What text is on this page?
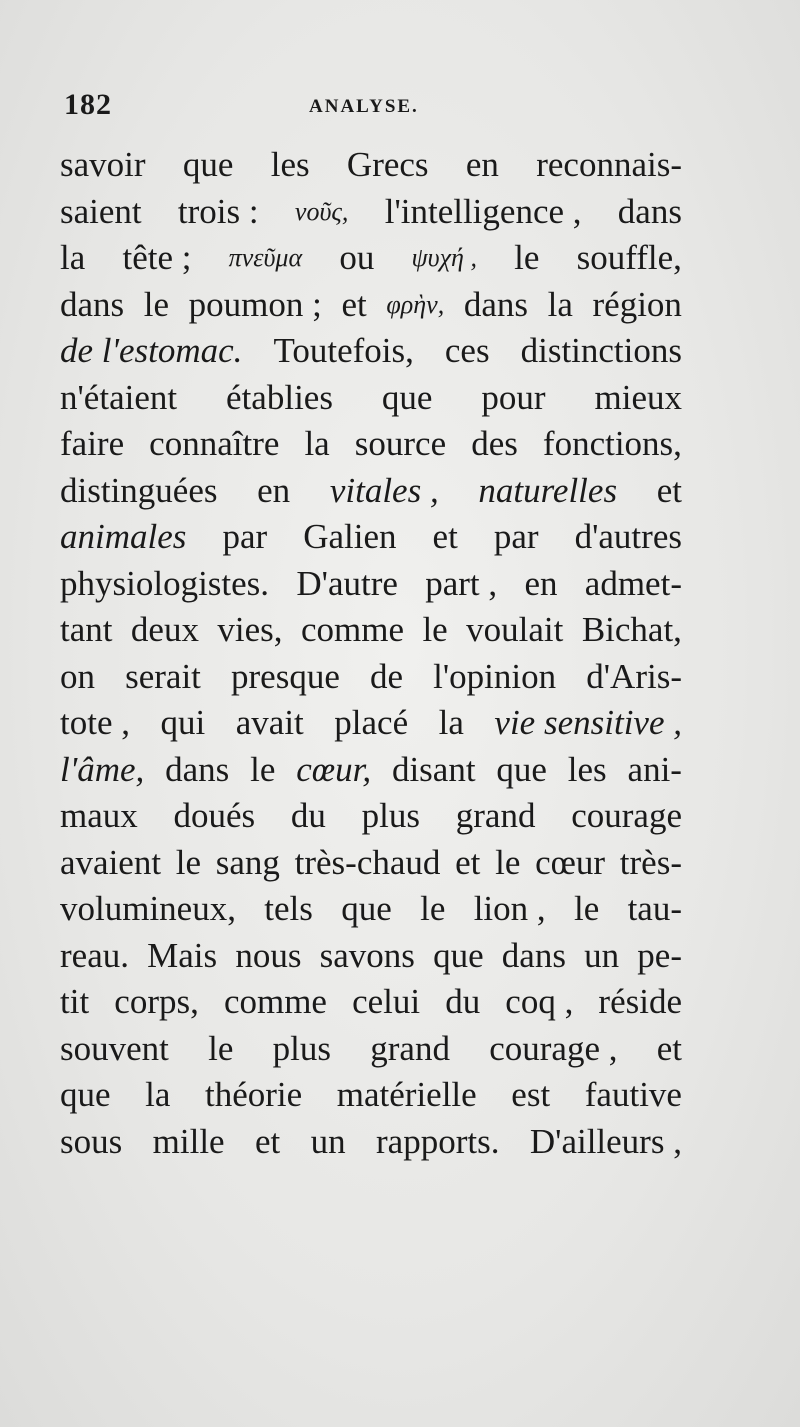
182	ANALYSE.
savoir que les Grecs en reconnais-
saient trois : νοῦς, l'intelligence , dans
la tête ; πνεῦμα ou ψυχή , le souffle,
dans le poumon ; et φρὴν, dans la région
de l'estomac. Toutefois, ces distinctions
n'étaient établies que pour mieux
faire connaître la source des fonctions,
distinguées en vitales , naturelles et
animales par Galien et par d'autres
physiologistes. D'autre part , en admet-
tant deux vies, comme le voulait Bichat,
on serait presque de l'opinion d'Aris-
tote , qui avait placé la vie sensitive ,
l'âme, dans le cœur, disant que les ani-
maux doués du plus grand courage
avaient le sang très-chaud et le cœur très-
volumineux, tels que le lion , le tau-
reau. Mais nous savons que dans un pe-
tit corps, comme celui du coq , réside
souvent le plus grand courage , et
que la théorie matérielle est fautive
sous mille et un rapports. D'ailleurs ,
